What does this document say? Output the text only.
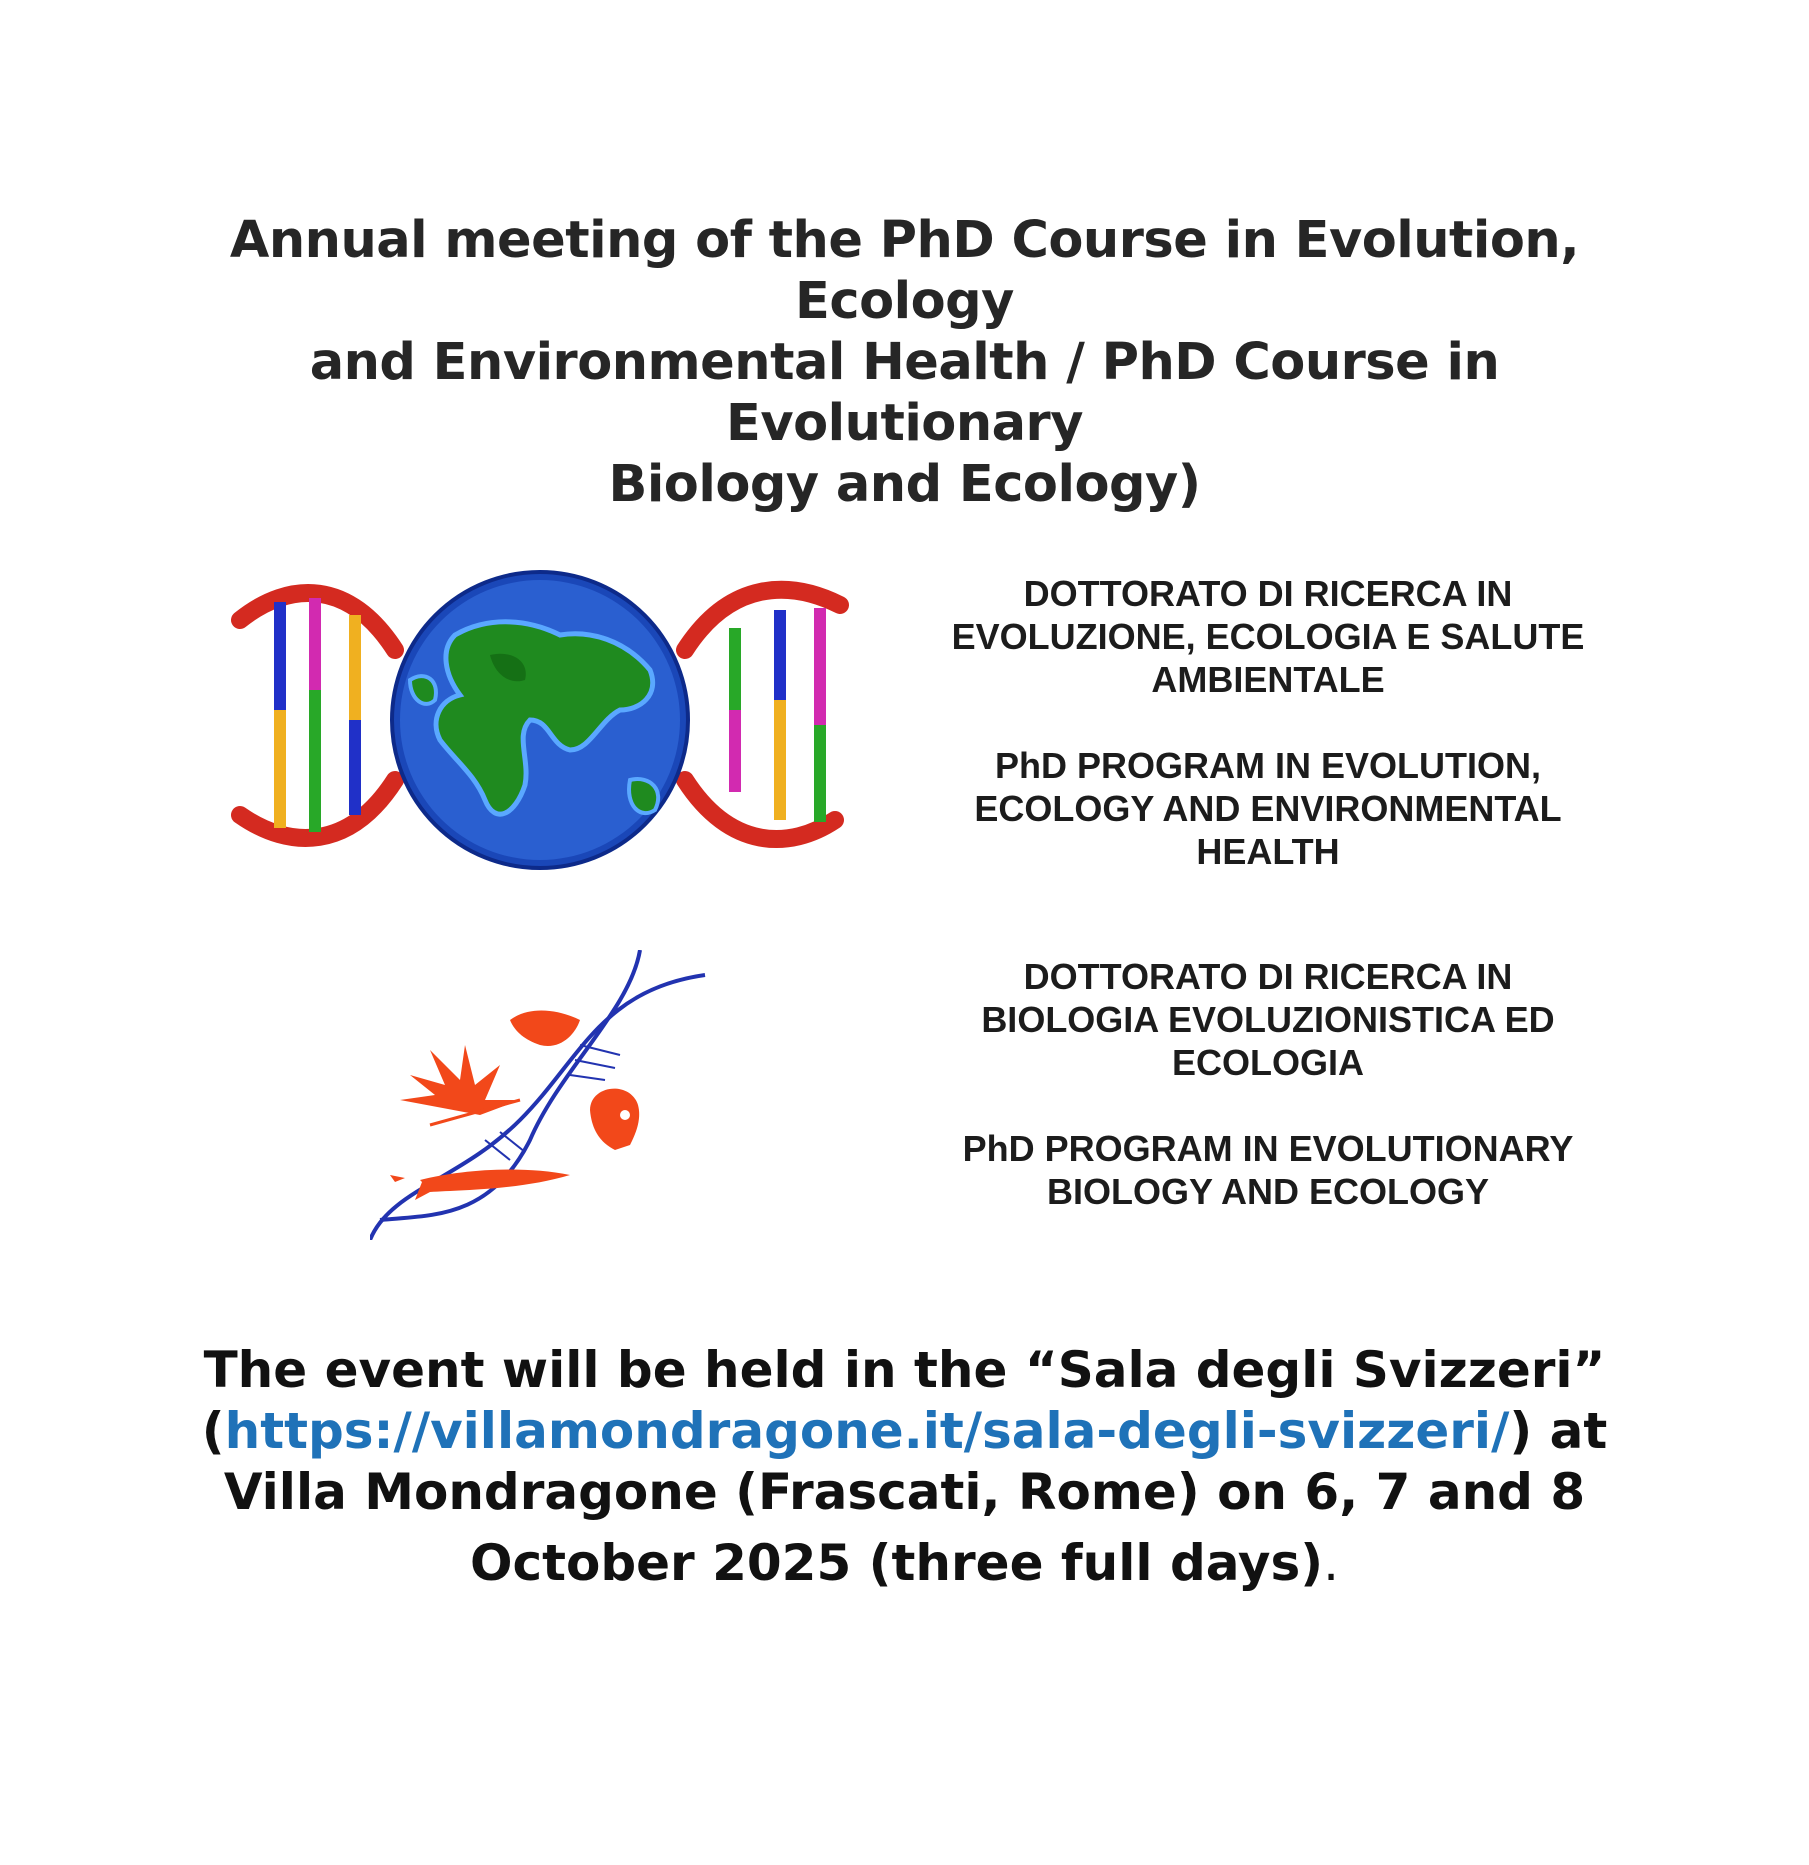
Annual meeting of the PhD Course in Evolution, Ecology
and Environmental Health / PhD Course in Evolutionary
Biology and Ecology)
DOTTORATO DI RICERCA IN
EVOLUZIONE, ECOLOGIA E SALUTE
AMBIENTALE
PhD PROGRAM IN EVOLUTION,
ECOLOGY AND ENVIRONMENTAL
HEALTH
DOTTORATO DI RICERCA IN
BIOLOGIA EVOLUZIONISTICA ED
ECOLOGIA
PhD PROGRAM IN EVOLUTIONARY
BIOLOGY AND ECOLOGY
The event will be held in the “Sala degli Svizzeri”
(https://villamondragone.it/sala-degli-svizzeri/) at
Villa Mondragone (Frascati, Rome) on 6, 7 and 8
October 2025 (three full days).
